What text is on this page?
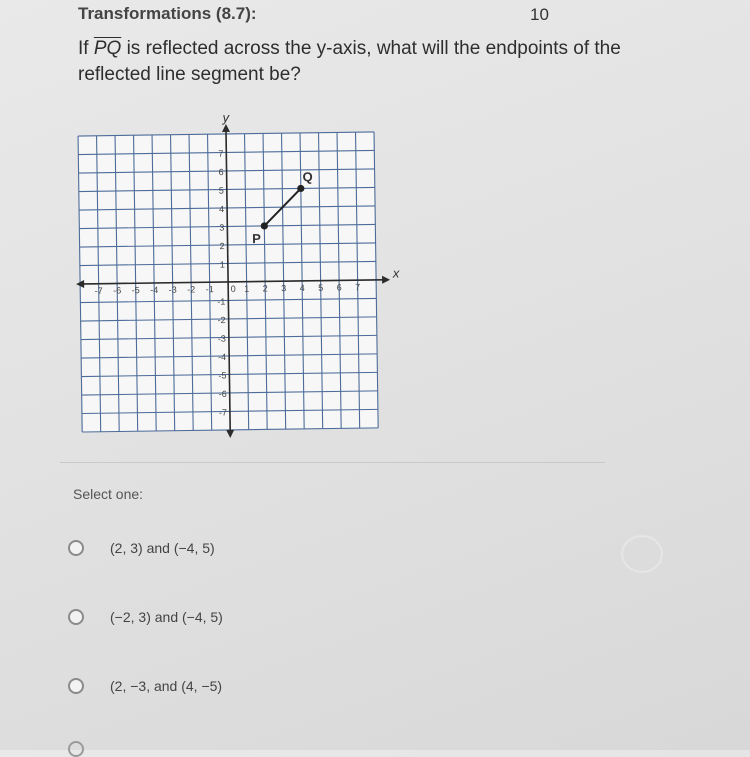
Transformations (8.7):	10
If $\overline{PQ}$ is reflected across the y-axis, what will the endpoints of the reflected line segment be?
x
y
-7 -6 -5 -4 -3 -2 -1 0 1 2 3 4 5 6 7
7
6
5
4
3
2
1
-1
-2
-3
-4
-5
-6
-7
P
Q
Select one:
(2, 3) and (−4, 5)
(−2, 3) and (−4, 5)
(2, −3, and (4, −5)
